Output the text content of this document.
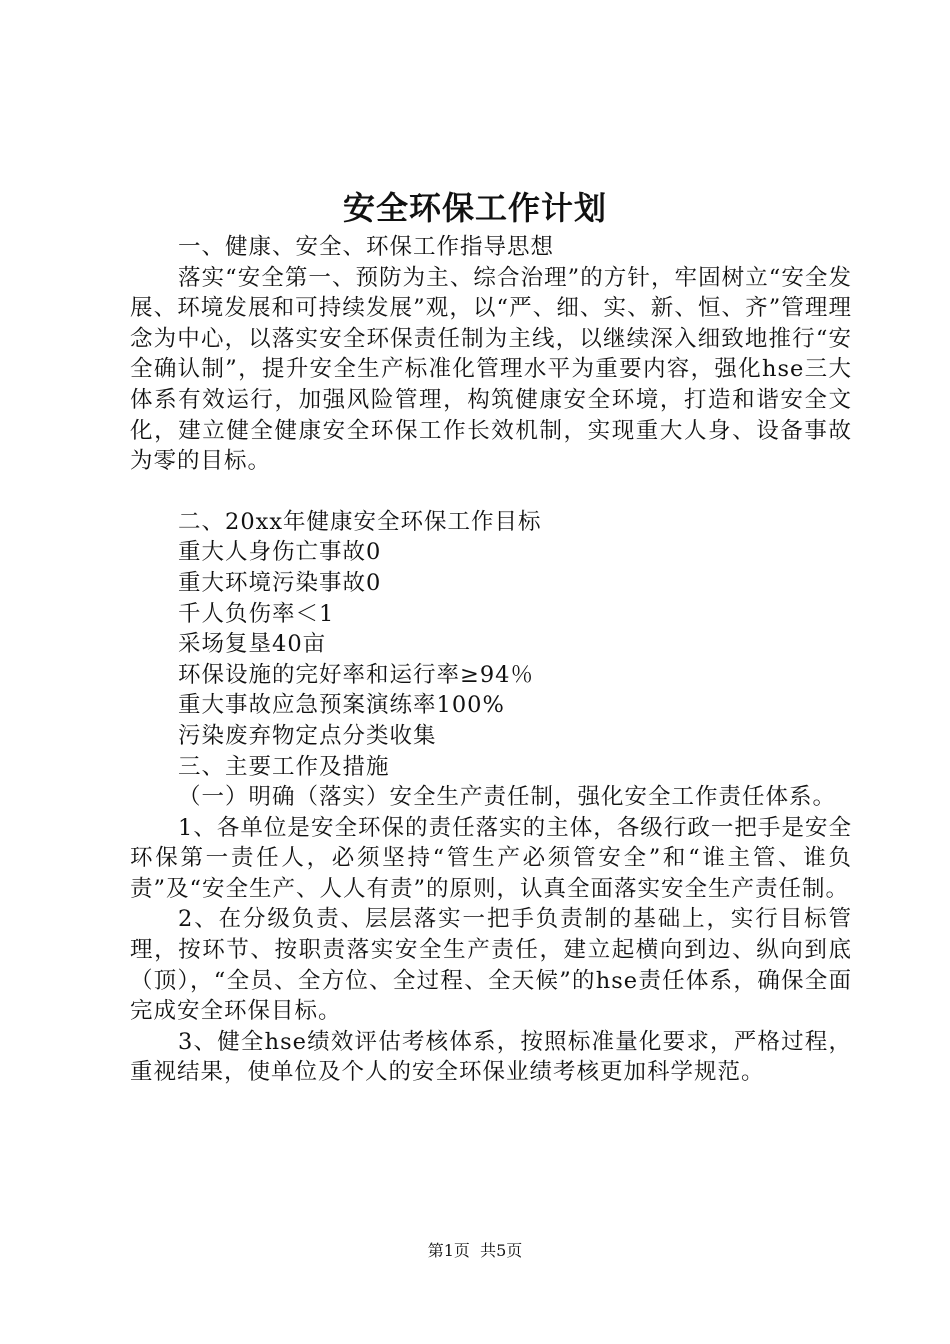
安全环保工作计划

一、健康、安全、环保工作指导思想

落实“安全第一、预防为主、综合治理”的方针，牢固树立“安全发展、环境发展和可持续发展”观，以“严、细、实、新、恒、齐”管理理念为中心，以落实安全环保责任制为主线，以继续深入细致地推行“安全确认制”，提升安全生产标准化管理水平为重要内容，强化hse三大体系有效运行，加强风险管理，构筑健康安全环境，打造和谐安全文化，建立健全健康安全环保工作长效机制，实现重大人身、设备事故为零的目标。

二、20xx年健康安全环保工作目标

重大人身伤亡事故0

重大环境污染事故0

千人负伤率＜1

采场复垦40亩

环保设施的完好率和运行率≥94％

重大事故应急预案演练率100%

污染废弃物定点分类收集

三、主要工作及措施

（一）明确（落实）安全生产责任制，强化安全工作责任体系。

1、各单位是安全环保的责任落实的主体，各级行政一把手是安全环保第一责任人，必须坚持“管生产必须管安全”和“谁主管、谁负责”及“安全生产、人人有责”的原则，认真全面落实安全生产责任制。

2、在分级负责、层层落实一把手负责制的基础上，实行目标管理，按环节、按职责落实安全生产责任，建立起横向到边、纵向到底（顶），“全员、全方位、全过程、全天候”的hse责任体系，确保全面完成安全环保目标。

3、健全hse绩效评估考核体系，按照标准量化要求，严格过程，重视结果，使单位及个人的安全环保业绩考核更加科学规范。

第1页  共5页
